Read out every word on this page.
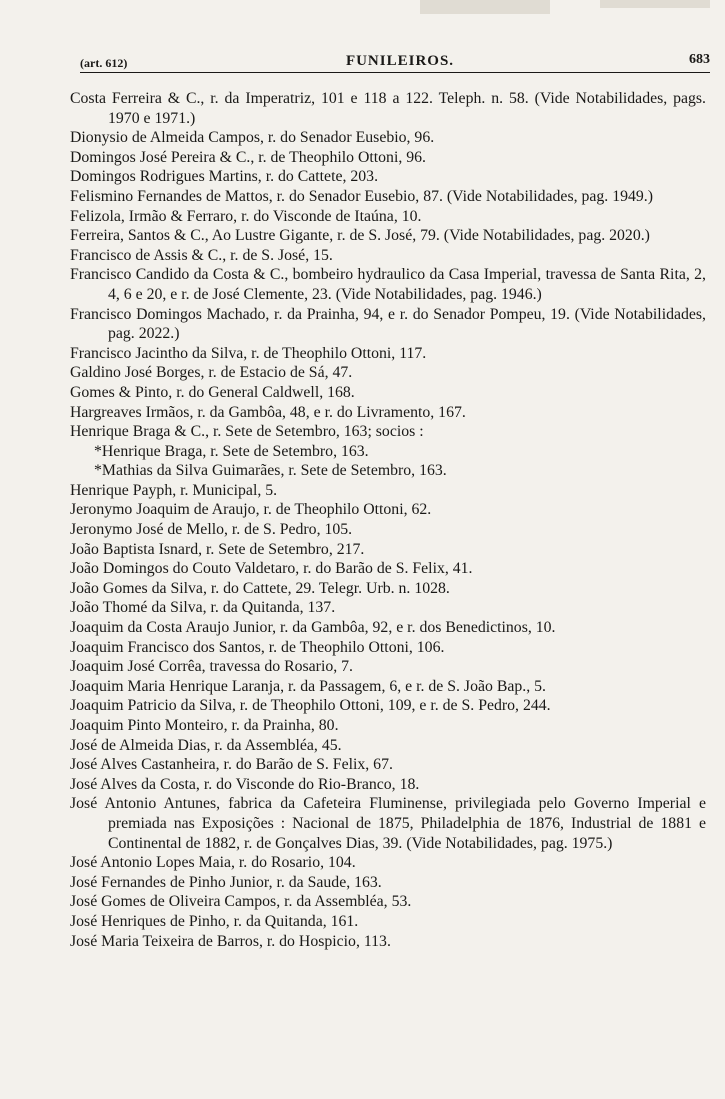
(art. 612)	FUNILEIROS.	683
Costa Ferreira & C., r. da Imperatriz, 101 e 118 a 122. Teleph. n. 58. (Vide Notabilidades, pags. 1970 e 1971.)
Dionysio de Almeida Campos, r. do Senador Eusebio, 96.
Domingos José Pereira & C., r. de Theophilo Ottoni, 96.
Domingos Rodrigues Martins, r. do Cattete, 203.
Felismino Fernandes de Mattos, r. do Senador Eusebio, 87. (Vide Notabilidades, pag. 1949.)
Felizola, Irmão & Ferraro, r. do Visconde de Itaúna, 10.
Ferreira, Santos & C., Ao Lustre Gigante, r. de S. José, 79. (Vide Notabilidades, pag. 2020.)
Francisco de Assis & C., r. de S. José, 15.
Francisco Candido da Costa & C., bombeiro hydraulico da Casa Imperial, travessa de Santa Rita, 2, 4, 6 e 20, e r. de José Clemente, 23. (Vide Notabilidades, pag. 1946.)
Francisco Domingos Machado, r. da Prainha, 94, e r. do Senador Pompeu, 19. (Vide Notabilidades, pag. 2022.)
Francisco Jacintho da Silva, r. de Theophilo Ottoni, 117.
Galdino José Borges, r. de Estacio de Sá, 47.
Gomes & Pinto, r. do General Caldwell, 168.
Hargreaves Irmãos, r. da Gambôa, 48, e r. do Livramento, 167.
Henrique Braga & C., r. Sete de Setembro, 163; socios :
*Henrique Braga, r. Sete de Setembro, 163.
*Mathias da Silva Guimarães, r. Sete de Setembro, 163.
Henrique Payph, r. Municipal, 5.
Jeronymo Joaquim de Araujo, r. de Theophilo Ottoni, 62.
Jeronymo José de Mello, r. de S. Pedro, 105.
João Baptista Isnard, r. Sete de Setembro, 217.
João Domingos do Couto Valdetaro, r. do Barão de S. Felix, 41.
João Gomes da Silva, r. do Cattete, 29. Telegr. Urb. n. 1028.
João Thomé da Silva, r. da Quitanda, 137.
Joaquim da Costa Araujo Junior, r. da Gambôa, 92, e r. dos Benedictinos, 10.
Joaquim Francisco dos Santos, r. de Theophilo Ottoni, 106.
Joaquim José Corrêa, travessa do Rosario, 7.
Joaquim Maria Henrique Laranja, r. da Passagem, 6, e r. de S. João Bap., 5.
Joaquim Patricio da Silva, r. de Theophilo Ottoni, 109, e r. de S. Pedro, 244.
Joaquim Pinto Monteiro, r. da Prainha, 80.
José de Almeida Dias, r. da Assembléa, 45.
José Alves Castanheira, r. do Barão de S. Felix, 67.
José Alves da Costa, r. do Visconde do Rio-Branco, 18.
José Antonio Antunes, fabrica da Cafeteira Fluminense, privilegiada pelo Governo Imperial e premiada nas Exposições : Nacional de 1875, Philadelphia de 1876, Industrial de 1881 e Continental de 1882, r. de Gonçalves Dias, 39. (Vide Notabilidades, pag. 1975.)
José Antonio Lopes Maia, r. do Rosario, 104.
José Fernandes de Pinho Junior, r. da Saude, 163.
José Gomes de Oliveira Campos, r. da Assembléa, 53.
José Henriques de Pinho, r. da Quitanda, 161.
José Maria Teixeira de Barros, r. do Hospicio, 113.
